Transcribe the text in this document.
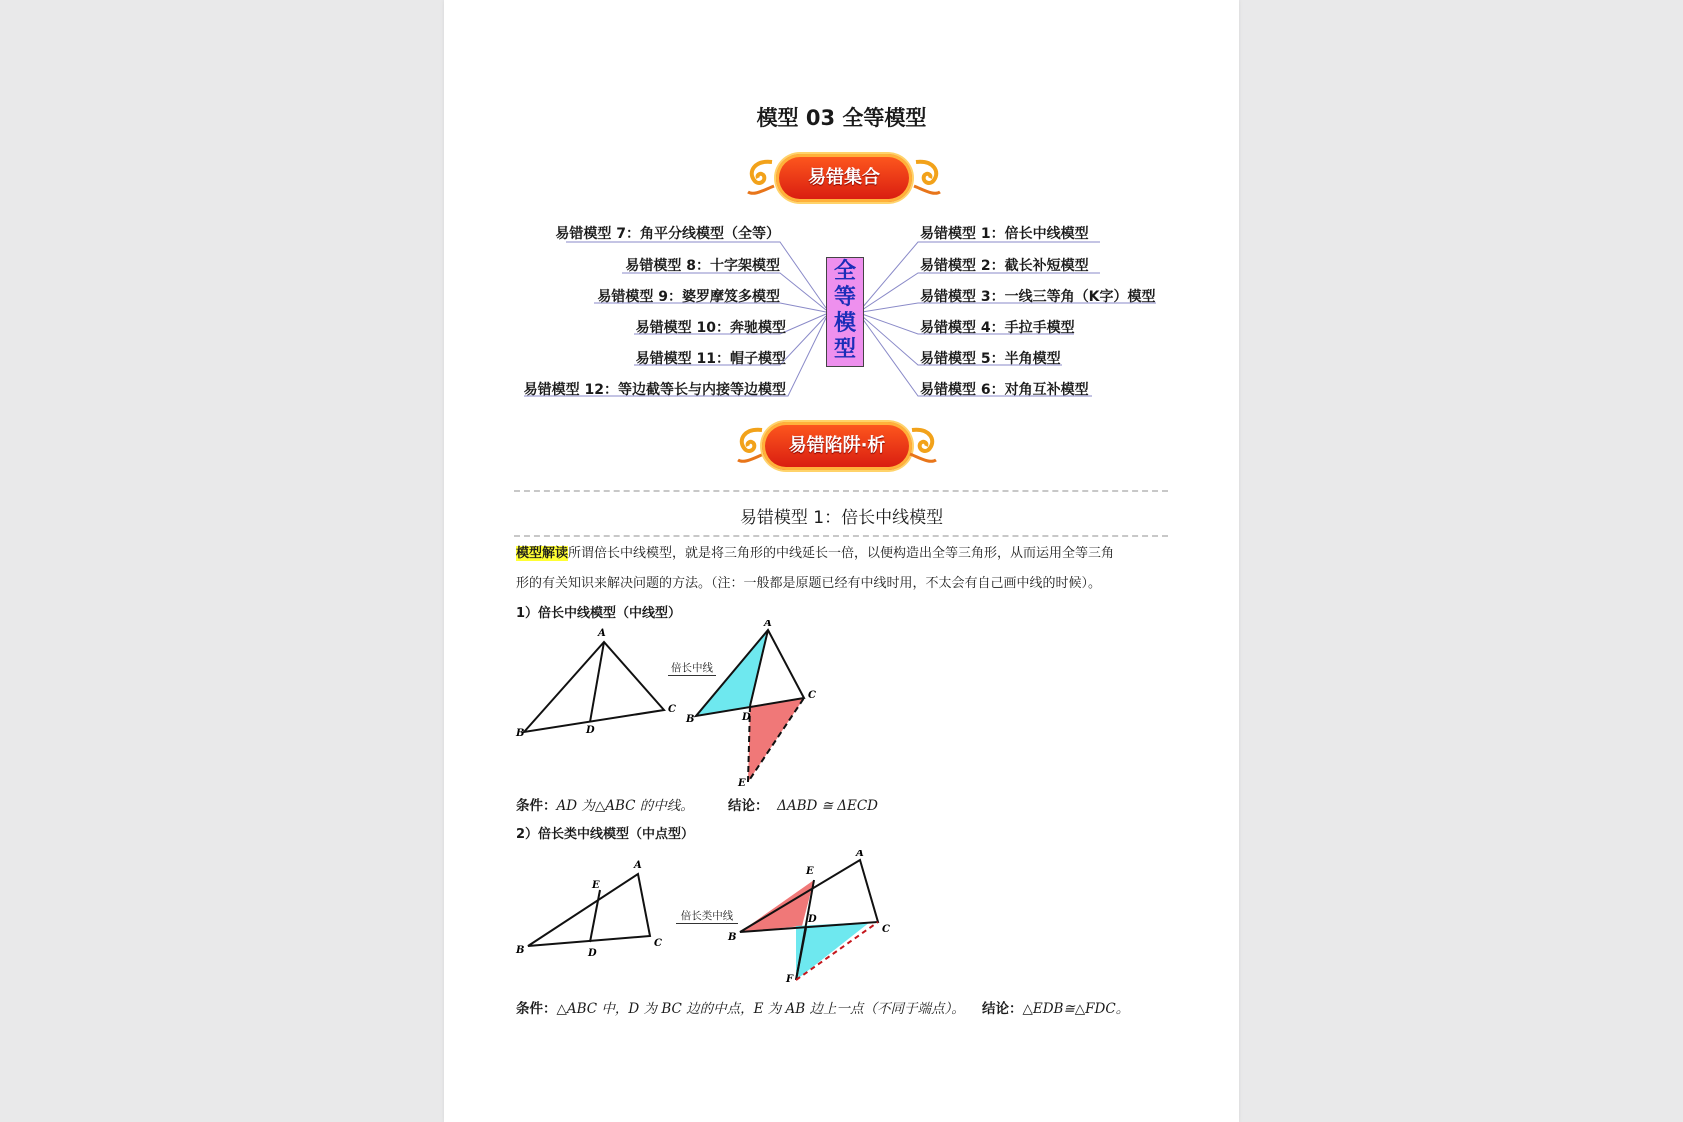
模型 03 全等模型
易错集合
易错模型 7：角平分线模型（全等）
易错模型 8：十字架模型
易错模型 9：婆罗摩笈多模型
易错模型 10：奔驰模型
易错模型 11：帽子模型
易错模型 12：等边截等长与内接等边模型
易错模型 1：倍长中线模型
易错模型 2：截长补短模型
易错模型 3：一线三等角（K字）模型
易错模型 4：手拉手模型
易错模型 5：半角模型
易错模型 6：对角互补模型
全
等
模
型
易错陷阱·析
易错模型 1：倍长中线模型
模型解读所谓倍长中线模型，就是将三角形的中线延长一倍，以便构造出全等三角形，从而运用全等三角
形的有关知识来解决问题的方法。（注：一般都是原题已经有中线时用，不太会有自己画中线的时候）。
1）倍长中线模型（中线型）
A
B
C
D
A
B
C
D
E
倍长中线
条件：AD 为△ABC 的中线。	结论： ΔABD ≅ ΔECD
2）倍长类中线模型（中点型）
A
B
C
D
E
A
B
C
D
E
F
倍长类中线
条件：△ABC 中，D 为 BC 边的中点，E 为 AB 边上一点（不同于端点）。 结论：△EDB≅△FDC。
